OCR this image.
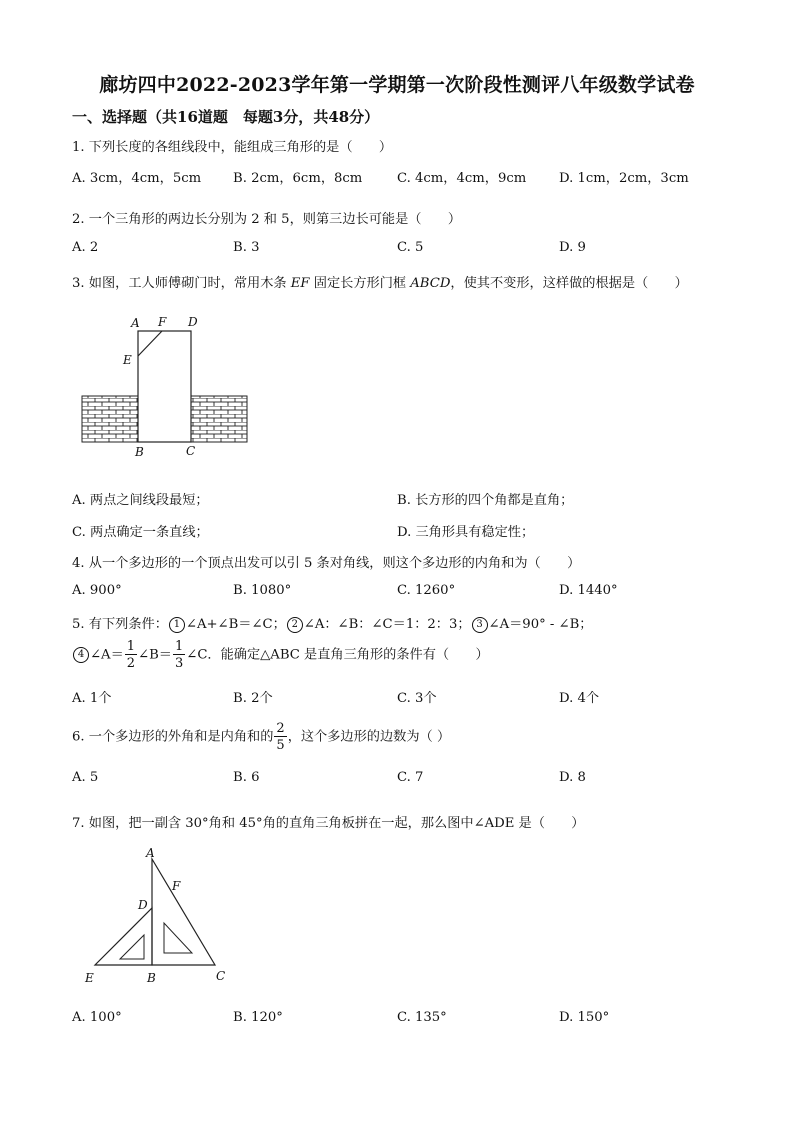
廊坊四中2022-2023学年第一学期第一次阶段性测评八年级数学试卷
一、选择题（共16道题　每题3分，共48分）
1. 下列长度的各组线段中，能组成三角形的是（　　）
A. 3cm，4cm，5cm B. 2cm，6cm，8cm	C. 4cm，4cm，9cm D. 1cm，2cm，3cm
2. 一个三角形的两边长分别为 2 和 5，则第三边长可能是（　　）
A. 2	B. 3	C. 5	D. 9
3. 如图，工人师傅砌门时，常用木条 EF 固定长方形门框 ABCD，使其不变形，这样做的根据是（　　）
A F D
E
B	C
A. 两点之间线段最短；	B. 长方形的四个角都是直角；
C. 两点确定一条直线；	D. 三角形具有稳定性；
4. 从一个多边形的一个顶点出发可以引 5 条对角线，则这个多边形的内角和为（　　）
A. 900°	B. 1080°	C. 1260°	D. 1440°
5. 有下列条件： 1 ∠A+∠B＝∠C； 2 ∠A：∠B：∠C＝1：2：3； 3 ∠A＝90° - ∠B；
4 ∠A＝ $\frac{1}{2}$ ∠B＝ $\frac{1}{3}$ ∠C．能确定△ABC 是直角三角形的条件有（　　）
A. 1个	B. 2个	C. 3个	D. 4个
6. 一个多边形的外角和是内角和的 $\frac{2}{5}$ ，这个多边形的边数为（ ）
A. 5	B. 6	C. 7	D. 8
7. 如图，把一副含 30°角和 45°角的直角三角板拼在一起，那么图中∠ADE 是（　　）
A
F
D
E	B	C
A. 100°	B. 120°	C. 135°	D. 150°
